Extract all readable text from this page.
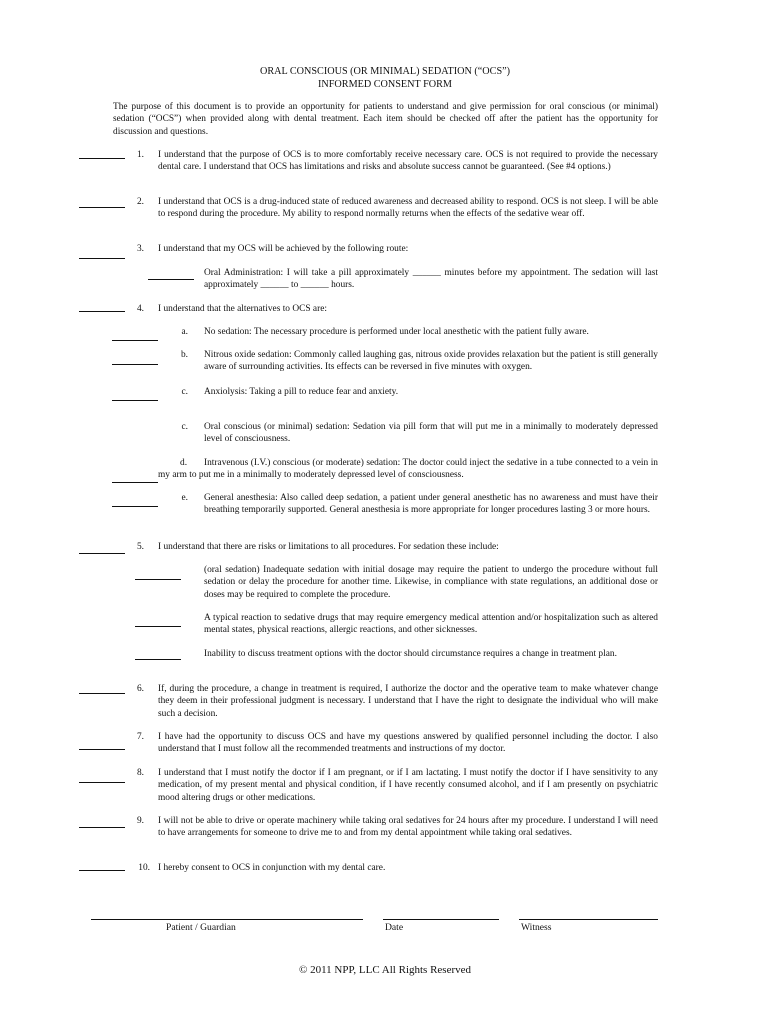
ORAL CONSCIOUS (OR MINIMAL) SEDATION (“OCS”)
INFORMED CONSENT FORM
The purpose of this document is to provide an opportunity for patients to understand and give permission for oral conscious (or minimal) sedation (“OCS”) when provided along with dental treatment. Each item should be checked off after the patient has the opportunity for discussion and questions.
1. I understand that the purpose of OCS is to more comfortably receive necessary care. OCS is not required to provide the necessary dental care. I understand that OCS has limitations and risks and absolute success cannot be guaranteed. (See #4 options.)
2. I understand that OCS is a drug-induced state of reduced awareness and decreased ability to respond. OCS is not sleep. I will be able to respond during the procedure. My ability to respond normally returns when the effects of the sedative wear off.
3. I understand that my OCS will be achieved by the following route:
Oral Administration: I will take a pill approximately ______ minutes before my appointment. The sedation will last approximately ______ to ______ hours.
4. I understand that the alternatives to OCS are:
a. No sedation: The necessary procedure is performed under local anesthetic with the patient fully aware.
b. Nitrous oxide sedation: Commonly called laughing gas, nitrous oxide provides relaxation but the patient is still generally aware of surrounding activities. Its effects can be reversed in five minutes with oxygen.
c. Anxiolysis: Taking a pill to reduce fear and anxiety.
c. Oral conscious (or minimal) sedation: Sedation via pill form that will put me in a minimally to moderately depressed level of consciousness.
d.	Intravenous (I.V.) conscious (or moderate) sedation: The doctor could inject the sedative in a tube connected to a vein in my arm to put me in a minimally to moderately depressed level of consciousness.
e. General anesthesia: Also called deep sedation, a patient under general anesthetic has no awareness and must have their breathing temporarily supported. General anesthesia is more appropriate for longer procedures lasting 3 or more hours.
5. I understand that there are risks or limitations to all procedures. For sedation these include:
(oral sedation) Inadequate sedation with initial dosage may require the patient to undergo the procedure without full sedation or delay the procedure for another time. Likewise, in compliance with state regulations, an additional dose or doses may be required to complete the procedure.
A typical reaction to sedative drugs that may require emergency medical attention and/or hospitalization such as altered mental states, physical reactions, allergic reactions, and other sicknesses.
Inability to discuss treatment options with the doctor should circumstance requires a change in treatment plan.
6. If, during the procedure, a change in treatment is required, I authorize the doctor and the operative team to make whatever change they deem in their professional judgment is necessary. I understand that I have the right to designate the individual who will make such a decision.
7. I have had the opportunity to discuss OCS and have my questions answered by qualified personnel including the doctor. I also understand that I must follow all the recommended treatments and instructions of my doctor.
8. I understand that I must notify the doctor if I am pregnant, or if I am lactating. I must notify the doctor if I have sensitivity to any medication, of my present mental and physical condition, if I have recently consumed alcohol, and if I am presently on psychiatric mood altering drugs or other medications.
9. I will not be able to drive or operate machinery while taking oral sedatives for 24 hours after my procedure. I understand I will need to have arrangements for someone to drive me to and from my dental appointment while taking oral sedatives.
10. I hereby consent to OCS in conjunction with my dental care.
Patient / Guardian	Date	Witness
© 2011 NPP, LLC All Rights Reserved
